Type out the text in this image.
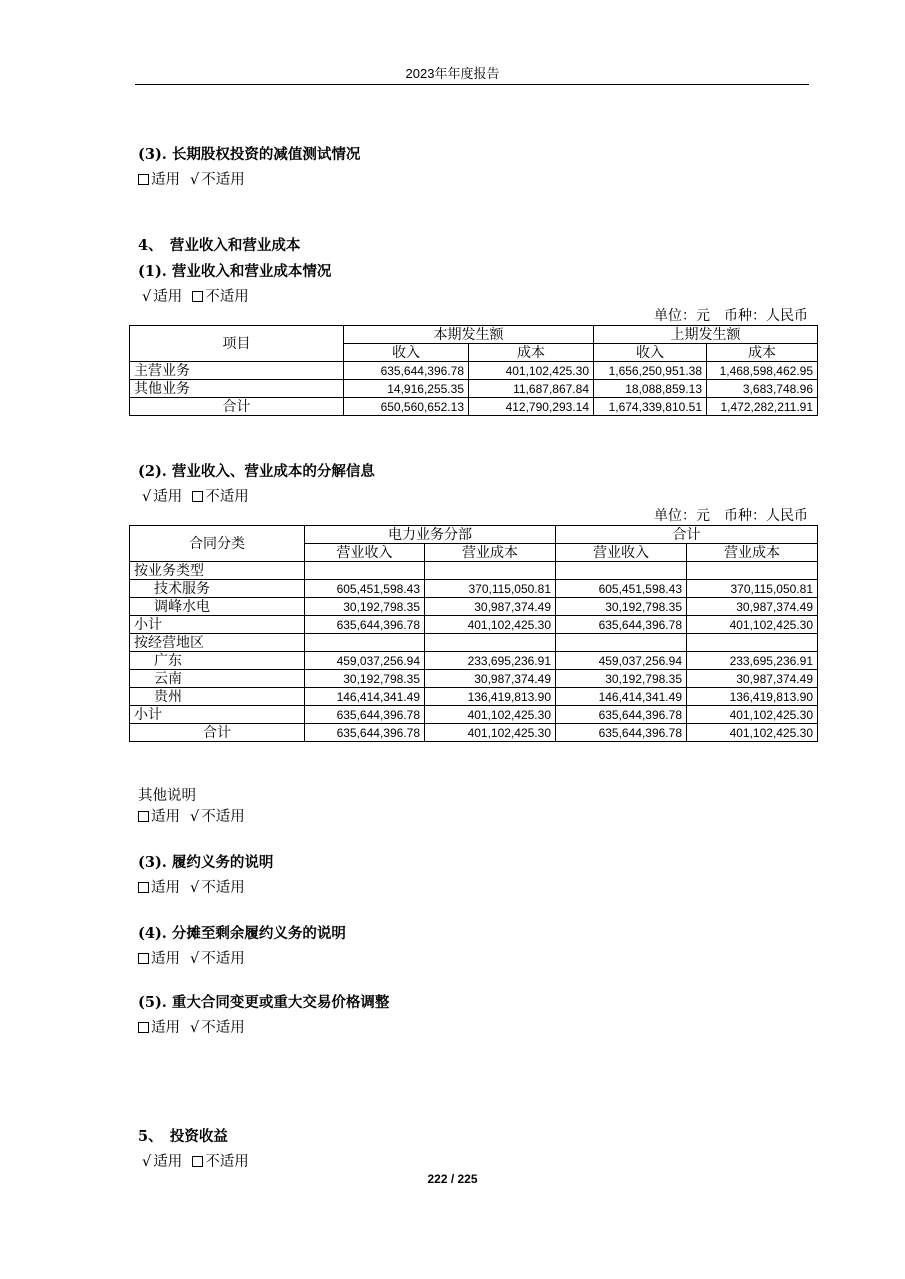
2023年年度报告
(3). 长期股权投资的减值测试情况
适用 √ 不适用
4、　营业收入和营业成本
(1). 营业收入和营业成本情况
√ 适用 不适用
单位：元　币种：人民币
项目	本期发生额		上期发生额	
	收入	成本	收入	成本
主营业务	635,644,396.78	401,102,425.30	1,656,250,951.38	1,468,598,462.95
其他业务	14,916,255.35	11,687,867.84	18,088,859.13	3,683,748.96
合计	650,560,652.13	412,790,293.14	1,674,339,810.51	1,472,282,211.91
(2). 营业收入、营业成本的分解信息
√ 适用 不适用
单位：元　币种：人民币
合同分类	电力业务分部		合计	
	营业收入	营业成本	营业收入	营业成本
按业务类型				
技术服务	605,451,598.43	370,115,050.81	605,451,598.43	370,115,050.81
调峰水电	30,192,798.35	30,987,374.49	30,192,798.35	30,987,374.49
小计	635,644,396.78	401,102,425.30	635,644,396.78	401,102,425.30
按经营地区				
广东	459,037,256.94	233,695,236.91	459,037,256.94	233,695,236.91
云南	30,192,798.35	30,987,374.49	30,192,798.35	30,987,374.49
贵州	146,414,341.49	136,419,813.90	146,414,341.49	136,419,813.90
小计	635,644,396.78	401,102,425.30	635,644,396.78	401,102,425.30
合计	635,644,396.78	401,102,425.30	635,644,396.78	401,102,425.30
其他说明
适用 √ 不适用
(3). 履约义务的说明
适用 √ 不适用
(4). 分摊至剩余履约义务的说明
适用 √ 不适用
(5). 重大合同变更或重大交易价格调整
适用 √ 不适用
5、　投资收益
√ 适用 不适用
222 / 225
